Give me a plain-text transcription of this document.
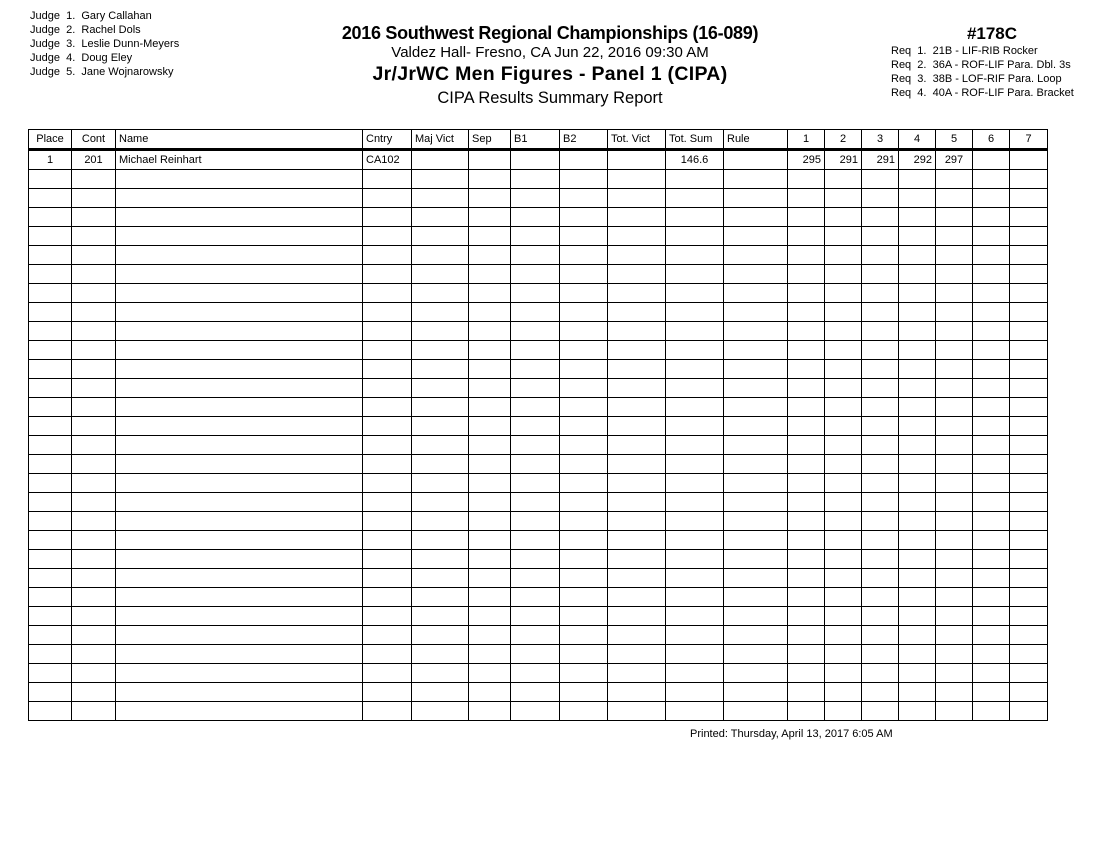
Judge  1.  Gary Callahan
Judge  2.  Rachel Dols
Judge  3.  Leslie Dunn-Meyers
Judge  4.  Doug Eley
Judge  5.  Jane Wojnarowsky
2016 Southwest Regional Championships (16-089)
Valdez Hall- Fresno, CA Jun 22, 2016 09:30 AM
Jr/JrWC Men Figures - Panel 1 (CIPA)
CIPA Results Summary Report
#178C
Req  1.  21B - LIF-RIB Rocker
Req  2.  36A - ROF-LIF Para. Dbl. 3s
Req  3.  38B - LOF-RIF Para. Loop
Req  4.  40A - ROF-LIF Para. Bracket
Place	Cont	Name	Cntry	Maj Vict	Sep	B1	B2	Tot. Vict	Tot. Sum	Rule	1	2	3	4	5	6	7
1	201	Michael Reinhart	CA102						146.6		295	291	291	292	297		

Printed: Thursday, April 13, 2017 6:05 AM
